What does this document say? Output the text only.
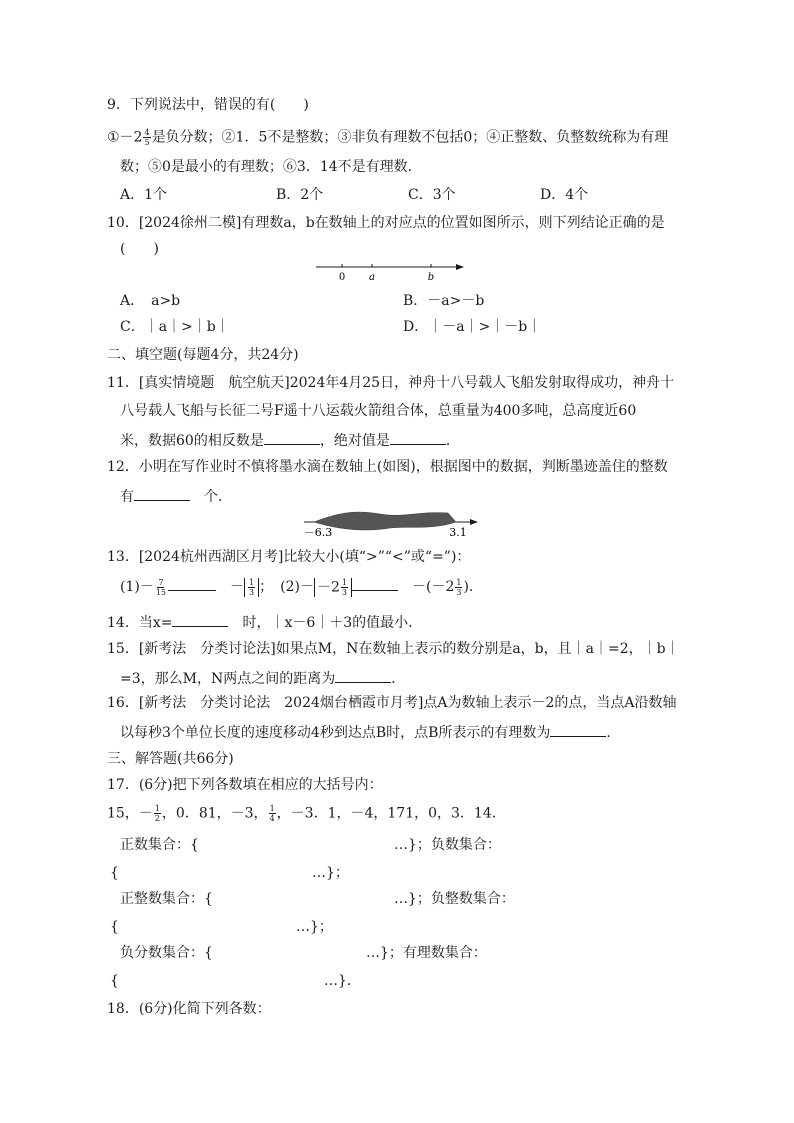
9．下列说法中，错误的有(　　)
①－2 $\frac{4}{5}$ 是负分数；②1．5不是整数；③非负有理数不包括0；④正整数、负整数统称为有理
数；⑤0是最小的有理数；⑥3．14不是有理数．
A．1个	B．2个	C．3个	D．4个
10．[2024徐州二模]有理数a，b在数轴上的对应点的位置如图所示，则下列结论正确的是
(　　)
0 a	b
A．　a>b	B．－a>－b
C．｜a｜>｜b｜	D．｜－a｜>｜－b｜
二、填空题(每题4分，共24分)
11．[真实情境题　航空航天]2024年4月25日，神舟十八号载人飞船发射取得成功，神舟十
八号载人飞船与长征二号F遥十八运载火箭组合体，总重量为400多吨，总高度近60
米，数据60的相反数是	，绝对值是	．
12．小明在写作业时不慎将墨水滴在数轴上(如图)，根据图中的数据，判断墨迹盖住的整数
有	　个．
－6.3	3.1
13．[2024杭州西湖区月考]比较大小(填“>”“<”或“=”)：
$(1)- \frac{7}{15}$
　	－ $\frac{1}{3}$ ；　$(2)- -2 \frac{1}{3}$
　	$-(-2 \frac{1}{3}$ ).
14．当x=	　时，｜x－6｜＋3的值最小．
15．[新考法　分类讨论法]如果点M，N在数轴上表示的数分别是a，b，且｜a｜=2，｜b｜
=3，那么M，N两点之间的距离为	．
16．[新考法　分类讨论法　2024烟台栖霞市月考]点A为数轴上表示－2的点，当点A沿数轴
以每秒3个单位长度的速度移动4秒到达点B时，点B所表示的有理数为	．
三、解答题(共66分)
17．(6分)把下列各数填在相应的大括号内：
15，－ $\frac{1}{2}$ ，0．81，－3， $\frac{1}{4}$ ，－3．1，－4，171，0，3．14．
正数集合：{	…}；负数集合：
{	…}；
正整数集合：{	…}；负整数集合：
{	…}；
负分数集合：{	…}；有理数集合：
{	…}．
18．(6分)化简下列各数：
